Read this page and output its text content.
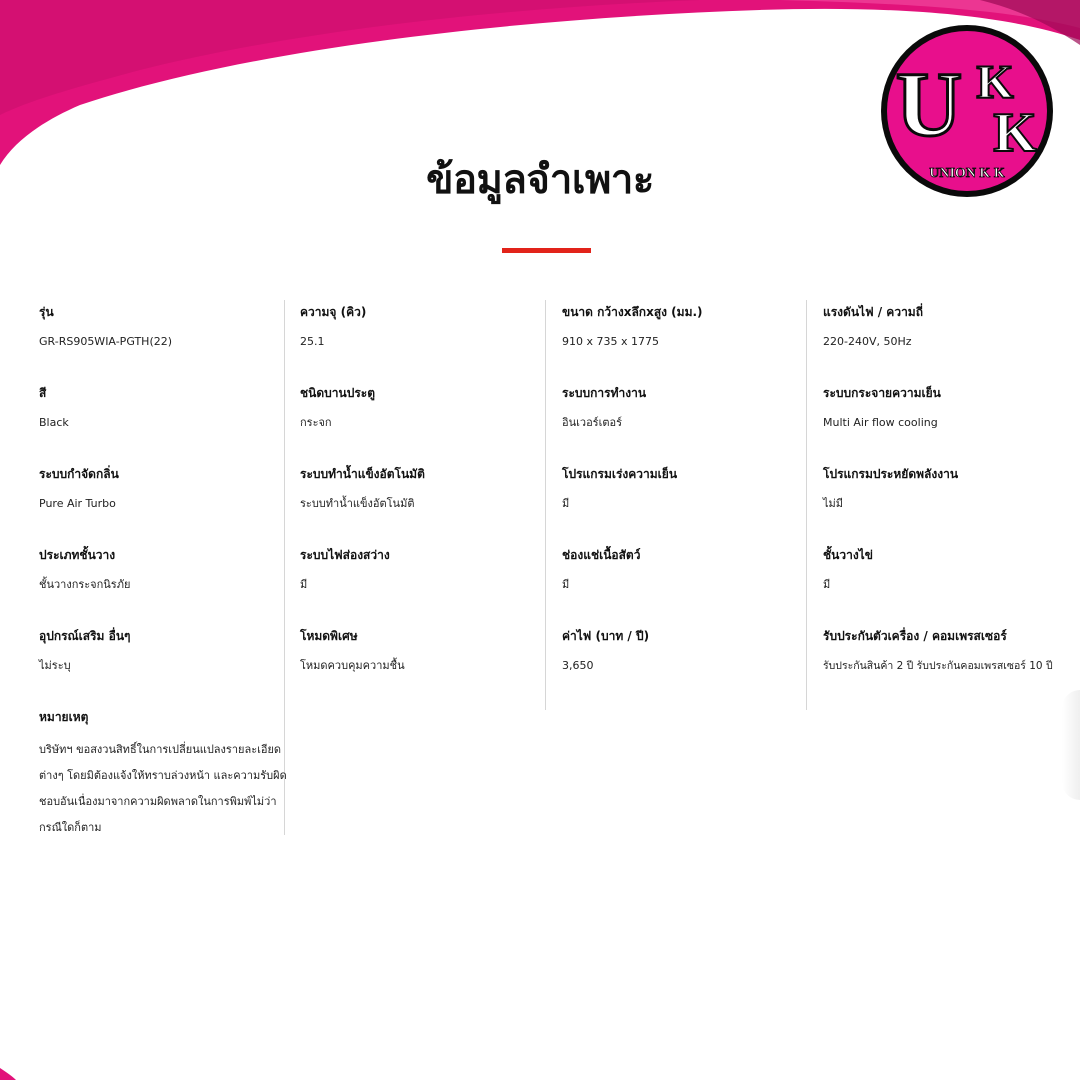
U K
K
UNION K K
ข้อมูลจำเพาะ
รุ่น
GR-RS905WIA-PGTH(22)
สี
Black
ระบบกำจัดกลิ่น
Pure Air Turbo
ประเภทชั้นวาง
ชั้นวางกระจกนิรภัย
อุปกรณ์เสริม อื่นๆ
ไม่ระบุ
หมายเหตุ
บริษัทฯ ขอสงวนสิทธิ์ในการเปลี่ยนแปลงรายละเอียดต่างๆ โดยมิต้องแจ้งให้ทราบล่วงหน้า และความรับผิดชอบอันเนื่องมาจากความผิดพลาดในการพิมพ์ไม่ว่ากรณีใดก็ตาม
ความจุ (คิว)
25.1
ชนิดบานประตู
กระจก
ระบบทำน้ำแข็งอัตโนมัติ
ระบบทำน้ำแข็งอัตโนมัติ
ระบบไฟส่องสว่าง
มี
โหมดพิเศษ
โหมดควบคุมความชื้น
ขนาด กว้างxลึกxสูง (มม.)
910 x 735 x 1775
ระบบการทำงาน
อินเวอร์เตอร์
โปรแกรมเร่งความเย็น
มี
ช่องแช่เนื้อสัตว์
มี
ค่าไฟ (บาท / ปี)
3,650
แรงดันไฟ / ความถี่
220-240V, 50Hz
ระบบกระจายความเย็น
Multi Air flow cooling
โปรแกรมประหยัดพลังงาน
ไม่มี
ชั้นวางไข่
มี
รับประกันตัวเครื่อง / คอมเพรสเซอร์
รับประกันสินค้า 2 ปี รับประกันคอมเพรสเซอร์ 10 ปี
